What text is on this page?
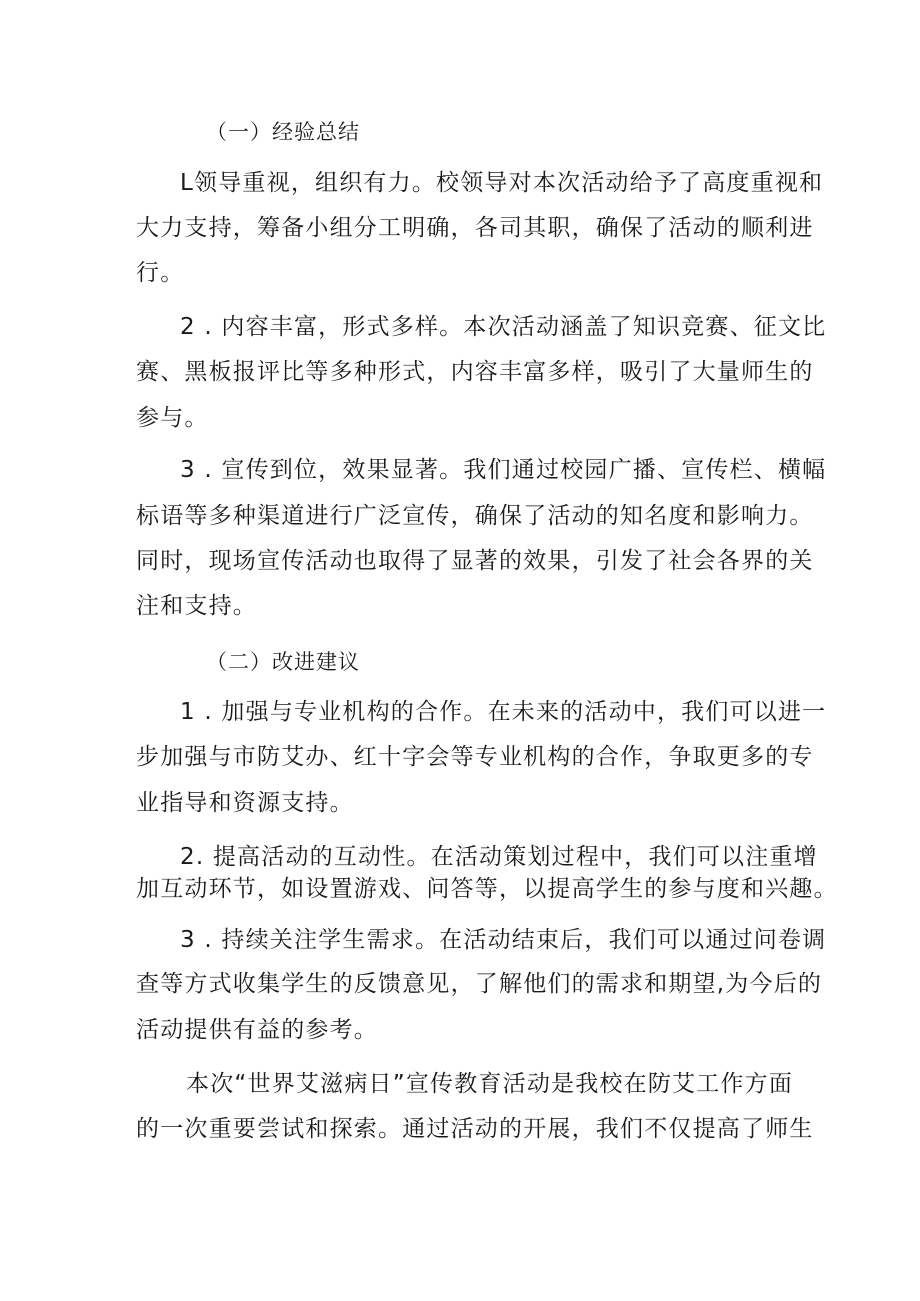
（一）经验总结
L领导重视，组织有力。校领导对本次活动给予了高度重视和
大力支持，筹备小组分工明确，各司其职，确保了活动的顺利进
行。
2 . 内容丰富，形式多样。本次活动涵盖了知识竞赛、征文比
赛、黑板报评比等多种形式，内容丰富多样，吸引了大量师生的
参与。
3 . 宣传到位，效果显著。我们通过校园广播、宣传栏、横幅
标语等多种渠道进行广泛宣传，确保了活动的知名度和影响力。
同时，现场宣传活动也取得了显著的效果，引发了社会各界的关
注和支持。
（二）改进建议
1 . 加强与专业机构的合作。在未来的活动中，我们可以进一
步加强与市防艾办、红十字会等专业机构的合作，争取更多的专
业指导和资源支持。
2. 提高活动的互动性。在活动策划过程中，我们可以注重增
加互动环节，如设置游戏、问答等，以提高学生的参与度和兴趣。
3 . 持续关注学生需求。在活动结束后，我们可以通过问卷调
查等方式收集学生的反馈意见，了解他们的需求和期望,为今后的
活动提供有益的参考。
本次“世界艾滋病日”宣传教育活动是我校在防艾工作方面
的一次重要尝试和探索。通过活动的开展，我们不仅提高了师生
